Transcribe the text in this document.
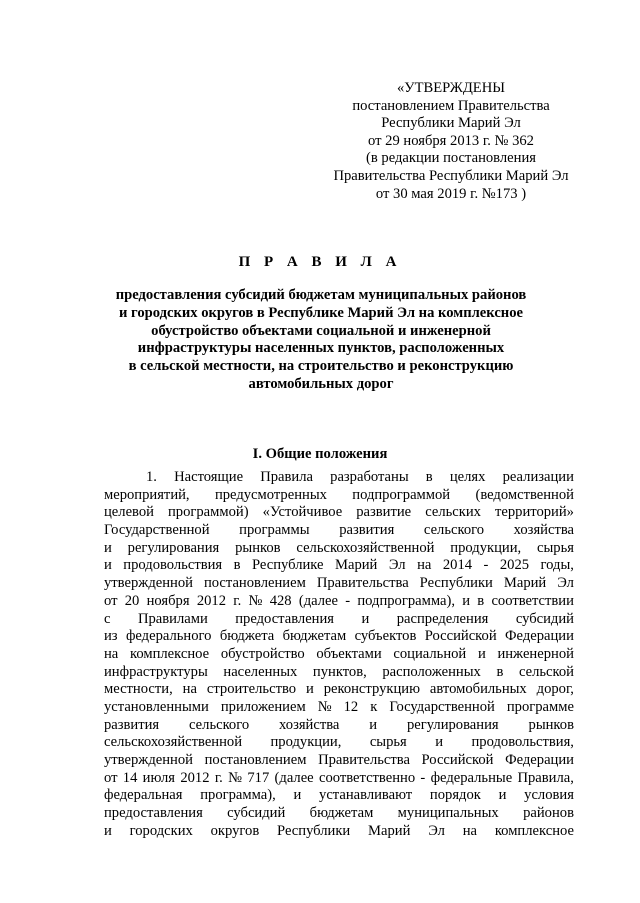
«УТВЕРЖДЕНЫ
постановлением Правительства
Республики Марий Эл
от 29 ноября 2013 г. № 362
(в редакции постановления
Правительства Республики Марий Эл
от 30 мая 2019 г. №173 )
П Р А В И Л А
предоставления субсидий бюджетам муниципальных районов
и городских округов в Республике Марий Эл на комплексное
обустройство объектами социальной и инженерной
инфраструктуры населенных пунктов, расположенных
в сельской местности, на строительство и реконструкцию
автомобильных дорог
I. Общие положения
1. Настоящие Правила разработаны в целях реализации
мероприятий, предусмотренных подпрограммой (ведомственной
целевой программой) «Устойчивое развитие сельских территорий»
Государственной программы развития сельского хозяйства
и регулирования рынков сельскохозяйственной продукции, сырья
и продовольствия в Республике Марий Эл на 2014 - 2025 годы,
утвержденной постановлением Правительства Республики Марий Эл
от 20 ноября 2012 г. № 428 (далее - подпрограмма), и в соответствии
с Правилами предоставления и распределения субсидий
из федерального бюджета бюджетам субъектов Российской Федерации
на комплексное обустройство объектами социальной и инженерной
инфраструктуры населенных пунктов, расположенных в сельской
местности, на строительство и реконструкцию автомобильных дорог,
установленными приложением № 12 к Государственной программе
развития сельского хозяйства и регулирования рынков
сельскохозяйственной продукции, сырья и продовольствия,
утвержденной постановлением Правительства Российской Федерации
от 14 июля 2012 г. № 717 (далее соответственно - федеральные Правила,
федеральная программа), и устанавливают порядок и условия
предоставления субсидий бюджетам муниципальных районов
и городских округов Республики Марий Эл на комплексное
